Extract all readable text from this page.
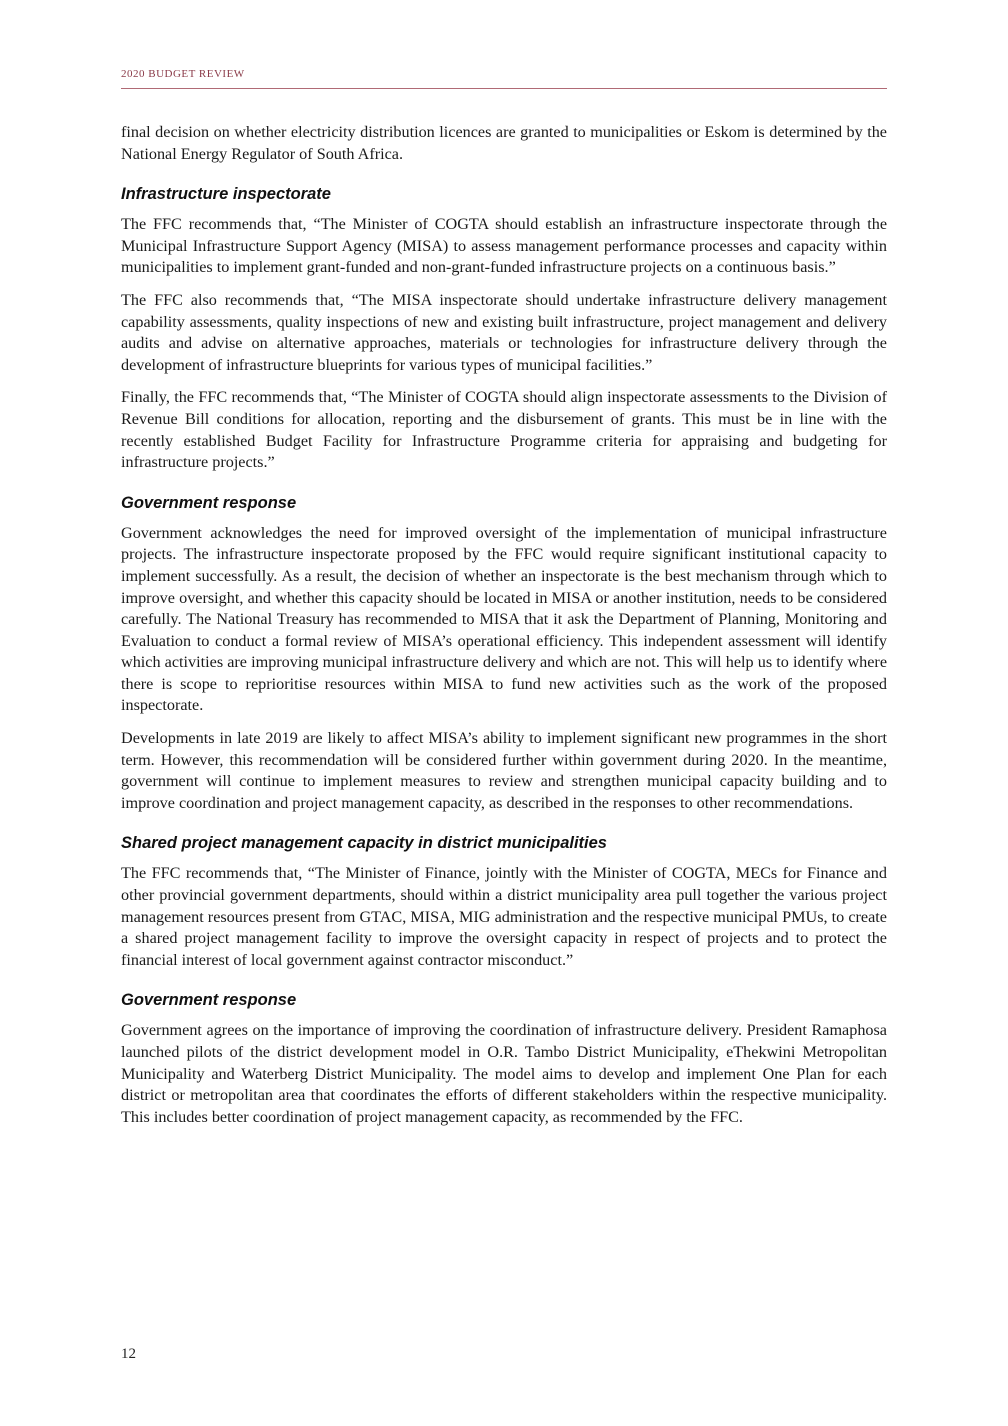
2020 BUDGET REVIEW

final decision on whether electricity distribution licences are granted to municipalities or Eskom is determined by the National Energy Regulator of South Africa.

Infrastructure inspectorate

The FFC recommends that, “The Minister of COGTA should establish an infrastructure inspectorate through the Municipal Infrastructure Support Agency (MISA) to assess management performance processes and capacity within municipalities to implement grant-funded and non-grant-funded infrastructure projects on a continuous basis.”

The FFC also recommends that, “The MISA inspectorate should undertake infrastructure delivery management capability assessments, quality inspections of new and existing built infrastructure, project management and delivery audits and advise on alternative approaches, materials or technologies for infrastructure delivery through the development of infrastructure blueprints for various types of municipal facilities.”

Finally, the FFC recommends that, “The Minister of COGTA should align inspectorate assessments to the Division of Revenue Bill conditions for allocation, reporting and the disbursement of grants. This must be in line with the recently established Budget Facility for Infrastructure Programme criteria for appraising and budgeting for infrastructure projects.”

Government response

Government acknowledges the need for improved oversight of the implementation of municipal infrastructure projects. The infrastructure inspectorate proposed by the FFC would require significant institutional capacity to implement successfully. As a result, the decision of whether an inspectorate is the best mechanism through which to improve oversight, and whether this capacity should be located in MISA or another institution, needs to be considered carefully. The National Treasury has recommended to MISA that it ask the Department of Planning, Monitoring and Evaluation to conduct a formal review of MISA’s operational efficiency. This independent assessment will identify which activities are improving municipal infrastructure delivery and which are not. This will help us to identify where there is scope to reprioritise resources within MISA to fund new activities such as the work of the proposed inspectorate.

Developments in late 2019 are likely to affect MISA’s ability to implement significant new programmes in the short term. However, this recommendation will be considered further within government during 2020. In the meantime, government will continue to implement measures to review and strengthen municipal capacity building and to improve coordination and project management capacity, as described in the responses to other recommendations.

Shared project management capacity in district municipalities

The FFC recommends that, “The Minister of Finance, jointly with the Minister of COGTA, MECs for Finance and other provincial government departments, should within a district municipality area pull together the various project management resources present from GTAC, MISA, MIG administration and the respective municipal PMUs, to create a shared project management facility to improve the oversight capacity in respect of projects and to protect the financial interest of local government against contractor misconduct.”

Government response

Government agrees on the importance of improving the coordination of infrastructure delivery. President Ramaphosa launched pilots of the district development model in O.R. Tambo District Municipality, eThekwini Metropolitan Municipality and Waterberg District Municipality. The model aims to develop and implement One Plan for each district or metropolitan area that coordinates the efforts of different stakeholders within the respective municipality. This includes better coordination of project management capacity, as recommended by the FFC.

12
